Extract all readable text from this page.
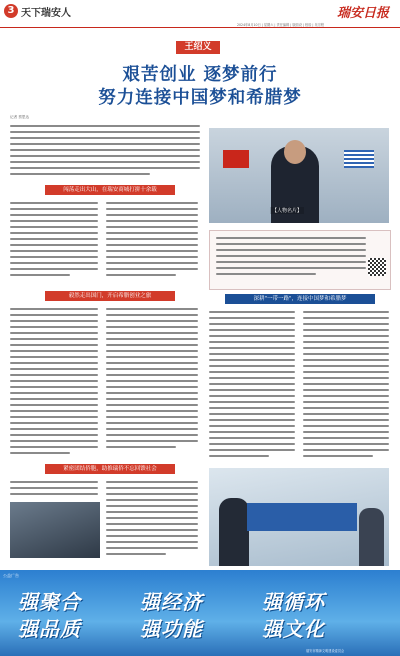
3 天下瑞安人	瑞安日报
2024年8月10日 | 星期六 | 责任编辑 | 版面设 | 校检 | 吴宗程
王绍义
艰苦创业 逐梦前行
努力连接中国梦和希腊梦
记者 蔡思达
【人物名片】
闯荡走出大山，在瑞安商城打拼十余载
毅然走出国门，开启希腊创业之旅
紧密团结侨胞，助推瑞侨不忘回馈社会
深耕"一带一路"，连接中国梦和希腊梦
公益广告
强聚合	强经济	强循环
强品质	强功能	强文化
瑞安市精神文明建设委员会
